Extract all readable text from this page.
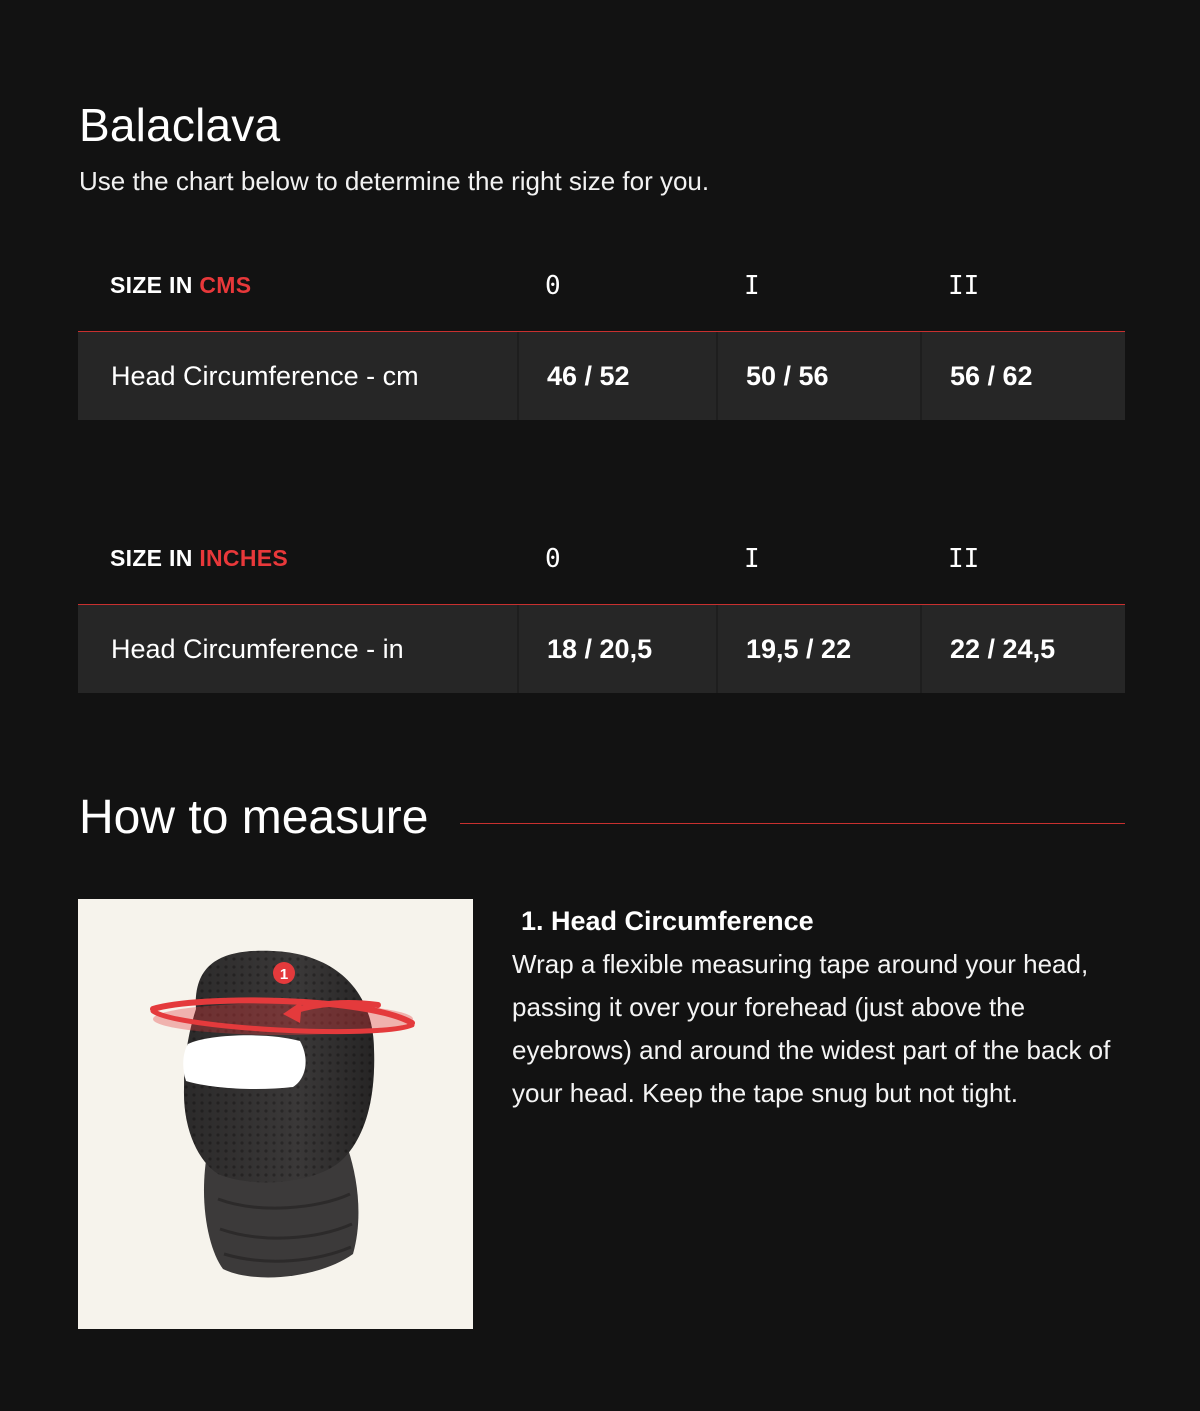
Balaclava

Use the chart below to determine the right size for you.

SIZE IN CMS	0	I	II
Head Circumference - cm	46 / 52	50 / 56	56 / 62
SIZE IN INCHES	0	I	II
Head Circumference - in	18 / 20,5	19,5 / 22	22 / 24,5
How to measure
1
1. Head Circumference

Wrap a flexible measuring tape around your head, passing it over your forehead (just above the eyebrows) and around the widest part of the back of your head. Keep the tape snug but not tight.
